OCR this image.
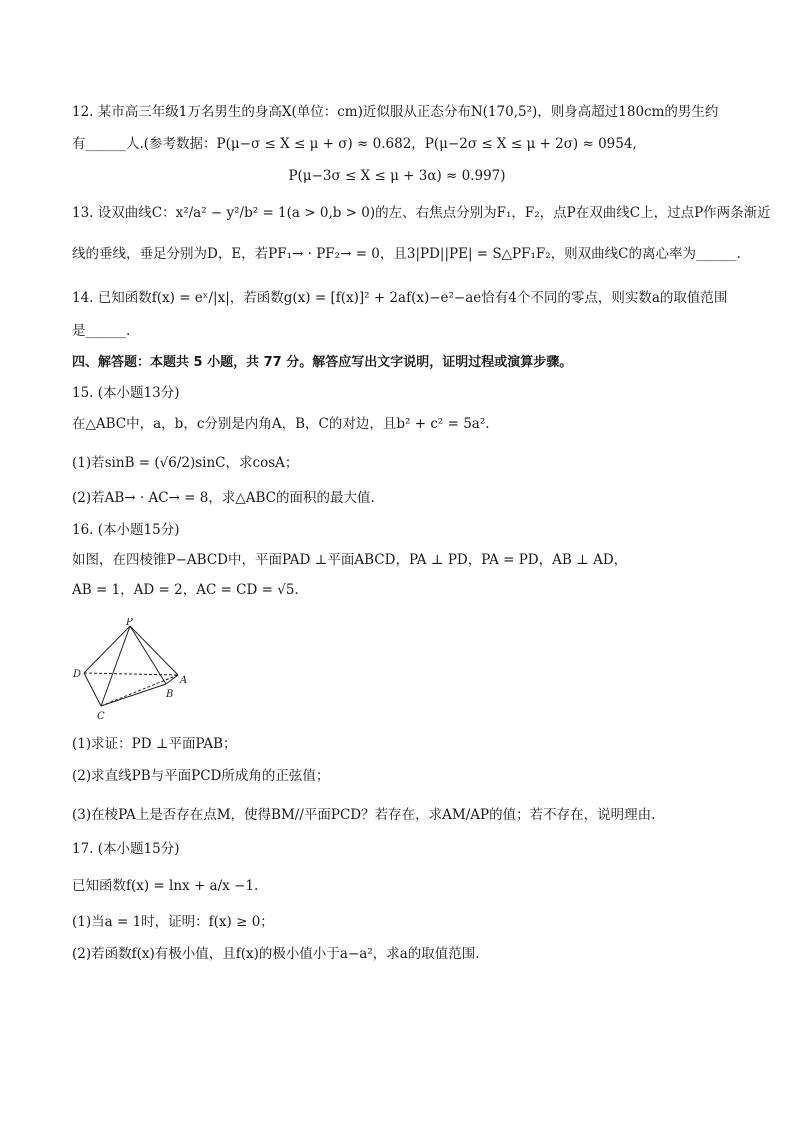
12. 某市高三年级1万名男生的身高X(单位：cm)近似服从正态分布N(170,5²)，则身高超过180cm的男生约
有______人.(参考数据：P(μ−σ ≤ X ≤ μ + σ) ≈ 0.682，P(μ−2σ ≤ X ≤ μ + 2σ) ≈ 0954,
P(μ−3σ ≤ X ≤ μ + 3α) ≈ 0.997)
13. 设双曲线C：x²/a² − y²/b² = 1(a > 0,b > 0)的左、右焦点分别为F₁，F₂，点P在双曲线C上，过点P作两条渐近
线的垂线，垂足分别为D，E，若PF₁→ · PF₂→ = 0，且3|PD||PE| = S△PF₁F₂，则双曲线C的离心率为______.
14. 已知函数f(x) = eˣ/|x|，若函数g(x) = [f(x)]² + 2af(x)−e²−ae恰有4个不同的零点，则实数a的取值范围
是______.
四、解答题：本题共 5 小题，共 77 分。解答应写出文字说明，证明过程或演算步骤。
15. (本小题13分)
在△ABC中，a，b，c分别是内角A，B，C的对边，且b² + c² = 5a².
(1)若sinB = (√6/2)sinC，求cosA；
(2)若AB→ · AC→ = 8，求△ABC的面积的最大值.
16. (本小题15分)
如图，在四棱锥P−ABCD中，平面PAD ⊥平面ABCD，PA ⊥ PD，PA = PD，AB ⊥ AD，
AB = 1，AD = 2，AC = CD = √5.
P
D
A
B
C
(1)求证：PD ⊥平面PAB；
(2)求直线PB与平面PCD所成角的正弦值；
(3)在棱PA上是否存在点M，使得BM//平面PCD？若存在，求AM/AP的值；若不存在，说明理由.
17. (本小题15分)
已知函数f(x) = lnx + a/x −1.
(1)当a = 1时，证明：f(x) ≥ 0；
(2)若函数f(x)有极小值，且f(x)的极小值小于a−a²，求a的取值范围.
